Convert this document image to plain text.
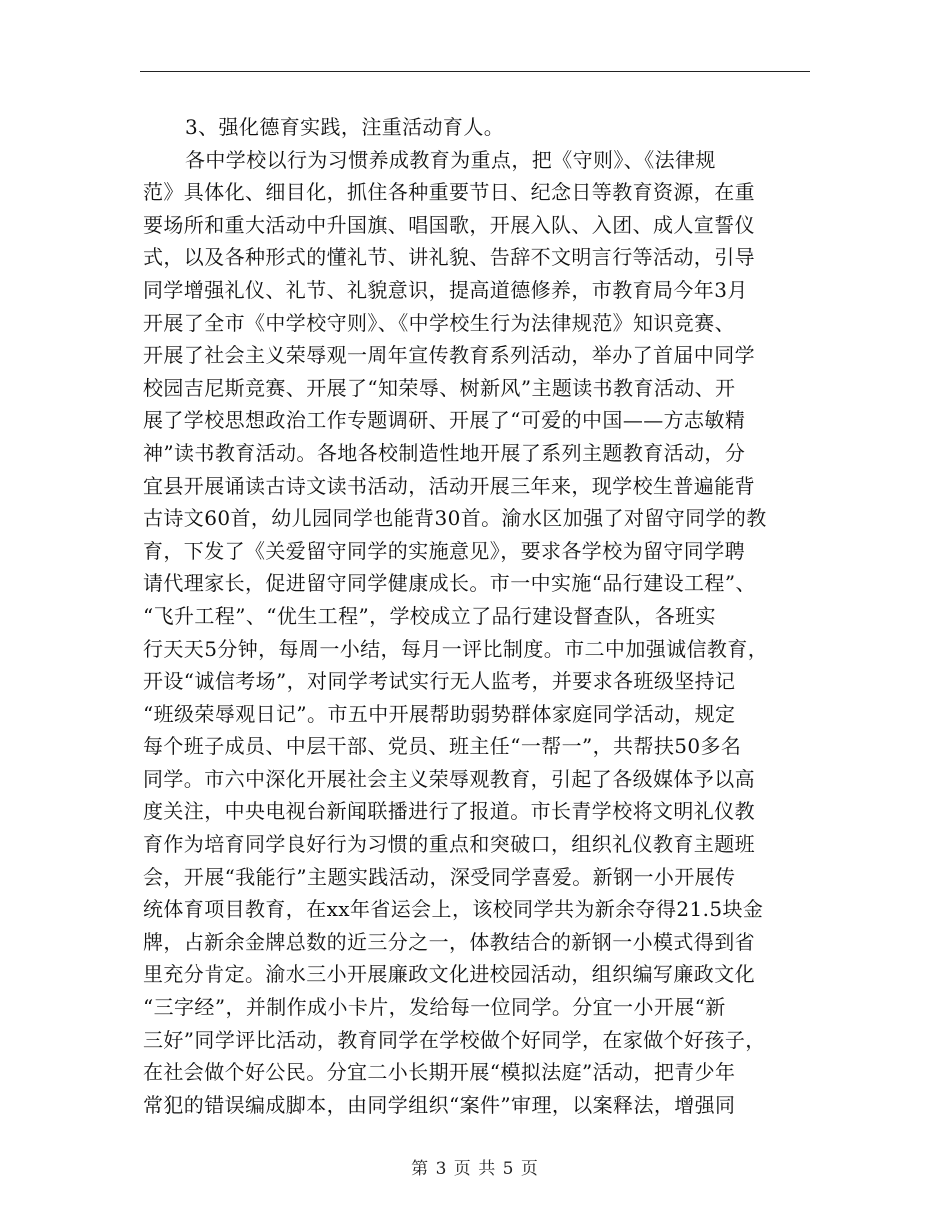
3、强化德育实践，注重活动育人。
各中学校以行为习惯养成教育为重点，把《守则》、《法律规
范》具体化、细目化，抓住各种重要节日、纪念日等教育资源，在重
要场所和重大活动中升国旗、唱国歌，开展入队、入团、成人宣誓仪
式，以及各种形式的懂礼节、讲礼貌、告辞不文明言行等活动，引导
同学增强礼仪、礼节、礼貌意识，提高道德修养，市教育局今年3月
开展了全市《中学校守则》、《中学校生行为法律规范》知识竞赛、
开展了社会主义荣辱观一周年宣传教育系列活动，举办了首届中同学
校园吉尼斯竞赛、开展了“知荣辱、树新风”主题读书教育活动、开
展了学校思想政治工作专题调研、开展了“可爱的中国——方志敏精
神”读书教育活动。各地各校制造性地开展了系列主题教育活动，分
宜县开展诵读古诗文读书活动，活动开展三年来，现学校生普遍能背
古诗文60首，幼儿园同学也能背30首。渝水区加强了对留守同学的教
育，下发了《关爱留守同学的实施意见》，要求各学校为留守同学聘
请代理家长，促进留守同学健康成长。市一中实施“品行建设工程”、
“飞升工程”、“优生工程”，学校成立了品行建设督查队，各班实
行天天5分钟，每周一小结，每月一评比制度。市二中加强诚信教育，
开设“诚信考场”，对同学考试实行无人监考，并要求各班级坚持记
“班级荣辱观日记”。市五中开展帮助弱势群体家庭同学活动，规定
每个班子成员、中层干部、党员、班主任“一帮一”，共帮扶50多名
同学。市六中深化开展社会主义荣辱观教育，引起了各级媒体予以高
度关注，中央电视台新闻联播进行了报道。市长青学校将文明礼仪教
育作为培育同学良好行为习惯的重点和突破口，组织礼仪教育主题班
会，开展“我能行”主题实践活动，深受同学喜爱。新钢一小开展传
统体育项目教育，在xx年省运会上，该校同学共为新余夺得21.5块金
牌，占新余金牌总数的近三分之一，体教结合的新钢一小模式得到省
里充分肯定。渝水三小开展廉政文化进校园活动，组织编写廉政文化
“三字经”，并制作成小卡片，发给每一位同学。分宜一小开展“新
三好”同学评比活动，教育同学在学校做个好同学，在家做个好孩子，
在社会做个好公民。分宜二小长期开展“模拟法庭”活动，把青少年
常犯的错误编成脚本，由同学组织“案件”审理，以案释法，增强同
第 3 页 共 5 页
